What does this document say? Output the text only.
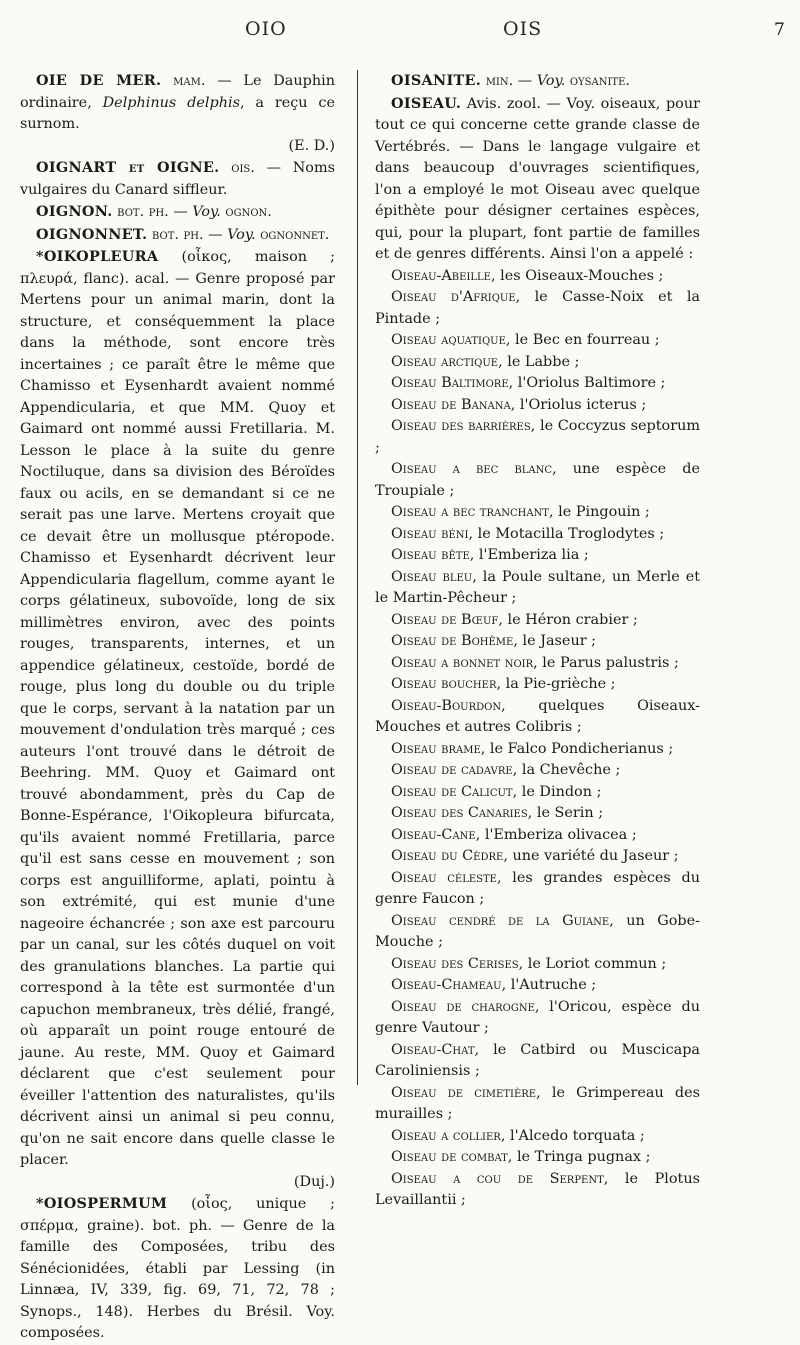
OIO	OIS	7

OIE DE MER. mam. — Le Dauphin ordinaire, Delphinus delphis, a reçu ce surnom.
(E. D.)

OIGNART et OIGNE. ois. — Noms vulgaires du Canard siffleur.

OIGNON. bot. ph. — Voy. ognon.

OIGNONNET. bot. ph. — Voy. ognonnet.

*OIKOPLEURA (οἶκος, maison ; πλευρά, flanc). acal. — Genre proposé par Mertens pour un animal marin, dont la structure, et conséquemment la place dans la méthode, sont encore très incertaines ; ce paraît être le même que Chamisso et Eysenhardt avaient nommé Appendicularia, et que MM. Quoy et Gaimard ont nommé aussi Fretillaria. M. Lesson le place à la suite du genre Noctiluque, dans sa division des Béroïdes faux ou acils, en se demandant si ce ne serait pas une larve. Mertens croyait que ce devait être un mollusque ptéropode. Chamisso et Eysenhardt décrivent leur Appendicularia flagellum, comme ayant le corps gélatineux, subovoïde, long de six millimètres environ, avec des points rouges, transparents, internes, et un appendice gélatineux, cestoïde, bordé de rouge, plus long du double ou du triple que le corps, servant à la natation par un mouvement d'ondulation très marqué ; ces auteurs l'ont trouvé dans le détroit de Beehring. MM. Quoy et Gaimard ont trouvé abondamment, près du Cap de Bonne-Espérance, l'Oikopleura bifurcata, qu'ils avaient nommé Fretillaria, parce qu'il est sans cesse en mouvement ; son corps est anguilliforme, aplati, pointu à son extrémité, qui est munie d'une nageoire échancrée ; son axe est parcouru par un canal, sur les côtés duquel on voit des granulations blanches. La partie qui correspond à la tête est surmontée d'un capuchon membraneux, très délié, frangé, où apparaît un point rouge entouré de jaune. Au reste, MM. Quoy et Gaimard déclarent que c'est seulement pour éveiller l'attention des naturalistes, qu'ils décrivent ainsi un animal si peu connu, qu'on ne sait encore dans quelle classe le placer.
(Duj.)

*OIOSPERMUM (οἶος, unique ; σπέρμα, graine). bot. ph. — Genre de la famille des Composées, tribu des Sénécionidées, établi par Lessing (in Linnæa, IV, 339, fig. 69, 71, 72, 78 ; Synops., 148). Herbes du Brésil. Voy. composées.

OISANITE. min. — Voy. oysanite.

OISEAU. Avis. zool. — Voy. oiseaux, pour tout ce qui concerne cette grande classe de Vertébrés. — Dans le langage vulgaire et dans beaucoup d'ouvrages scientifiques, l'on a employé le mot Oiseau avec quelque épithète pour désigner certaines espèces, qui, pour la plupart, font partie de familles et de genres différents. Ainsi l'on a appelé :

Oiseau-Abeille, les Oiseaux-Mouches ;

Oiseau d'Afrique, le Casse-Noix et la Pintade ;

Oiseau aquatique, le Bec en fourreau ;

Oiseau arctique, le Labbe ;

Oiseau Baltimore, l'Oriolus Baltimore ;

Oiseau de Banana, l'Oriolus icterus ;

Oiseau des barrières, le Coccyzus septorum ;

Oiseau a bec blanc, une espèce de Troupiale ;

Oiseau a bec tranchant, le Pingouin ;

Oiseau béni, le Motacilla Troglodytes ;

Oiseau bête, l'Emberiza lia ;

Oiseau bleu, la Poule sultane, un Merle et le Martin-Pêcheur ;

Oiseau de Bœuf, le Héron crabier ;

Oiseau de Bohême, le Jaseur ;

Oiseau a bonnet noir, le Parus palustris ;

Oiseau boucher, la Pie-grièche ;

Oiseau-Bourdon, quelques Oiseaux-Mouches et autres Colibris ;

Oiseau brame, le Falco Pondicherianus ;

Oiseau de cadavre, la Chevêche ;

Oiseau de Calicut, le Dindon ;

Oiseau des Canaries, le Serin ;

Oiseau-Cane, l'Emberiza olivacea ;

Oiseau du Cèdre, une variété du Jaseur ;

Oiseau céleste, les grandes espèces du genre Faucon ;

Oiseau cendré de la Guiane, un Gobe-Mouche ;

Oiseau des Cerises, le Loriot commun ;

Oiseau-Chameau, l'Autruche ;

Oiseau de charogne, l'Oricou, espèce du genre Vautour ;

Oiseau-Chat, le Catbird ou Muscicapa Caroliniensis ;

Oiseau de cimetière, le Grimpereau des murailles ;

Oiseau a collier, l'Alcedo torquata ;

Oiseau de combat, le Tringa pugnax ;

Oiseau a cou de Serpent, le Plotus Levaillantii ;
